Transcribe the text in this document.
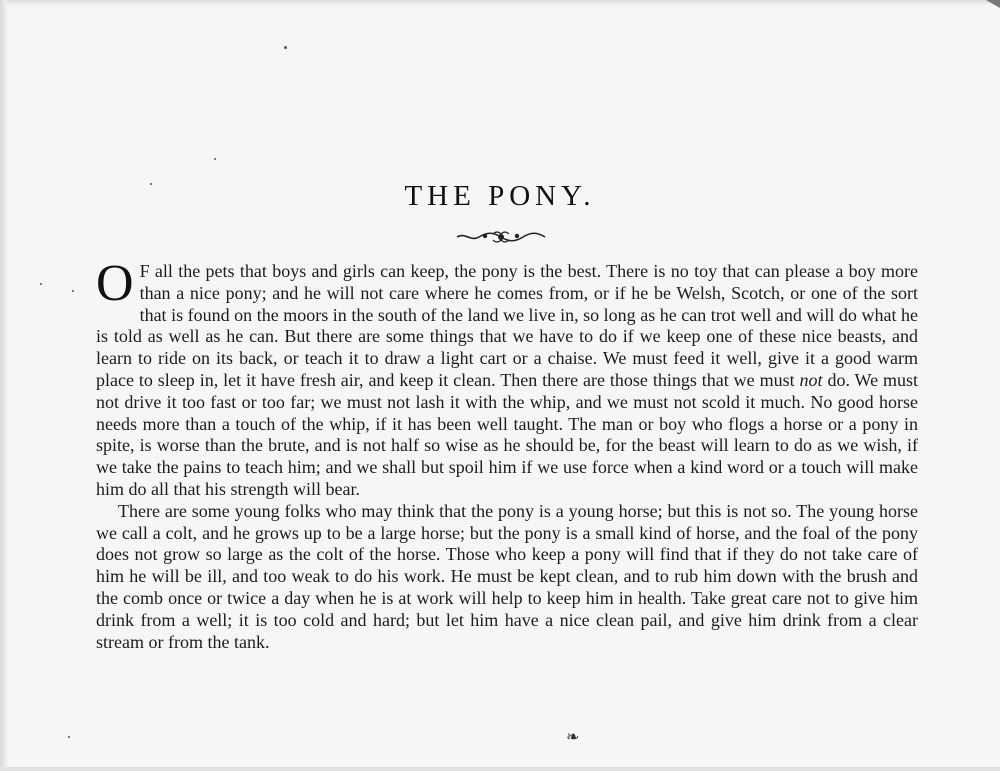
THE PONY.

O F all the pets that boys and girls can keep, the pony is the best. There is no toy that can please a boy more than a nice pony; and he will not care where he comes from, or if he be Welsh, Scotch, or one of the sort that is found on the moors in the south of the land we live in, so long as he can trot well and will do what he is told as well as he can. But there are some things that we have to do if we keep one of these nice beasts, and learn to ride on its back, or teach it to draw a light cart or a chaise. We must feed it well, give it a good warm place to sleep in, let it have fresh air, and keep it clean. Then there are those things that we must not do. We must not drive it too fast or too far; we must not lash it with the whip, and we must not scold it much. No good horse needs more than a touch of the whip, if it has been well taught. The man or boy who flogs a horse or a pony in spite, is worse than the brute, and is not half so wise as he should be, for the beast will learn to do as we wish, if we take the pains to teach him; and we shall but spoil him if we use force when a kind word or a touch will make him do all that his strength will bear.

There are some young folks who may think that the pony is a young horse; but this is not so. The young horse we call a colt, and he grows up to be a large horse; but the pony is a small kind of horse, and the foal of the pony does not grow so large as the colt of the horse. Those who keep a pony will find that if they do not take care of him he will be ill, and too weak to do his work. He must be kept clean, and to rub him down with the brush and the comb once or twice a day when he is at work will help to keep him in health. Take great care not to give him drink from a well; it is too cold and hard; but let him have a nice clean pail, and give him drink from a clear stream or from the tank.

❧
